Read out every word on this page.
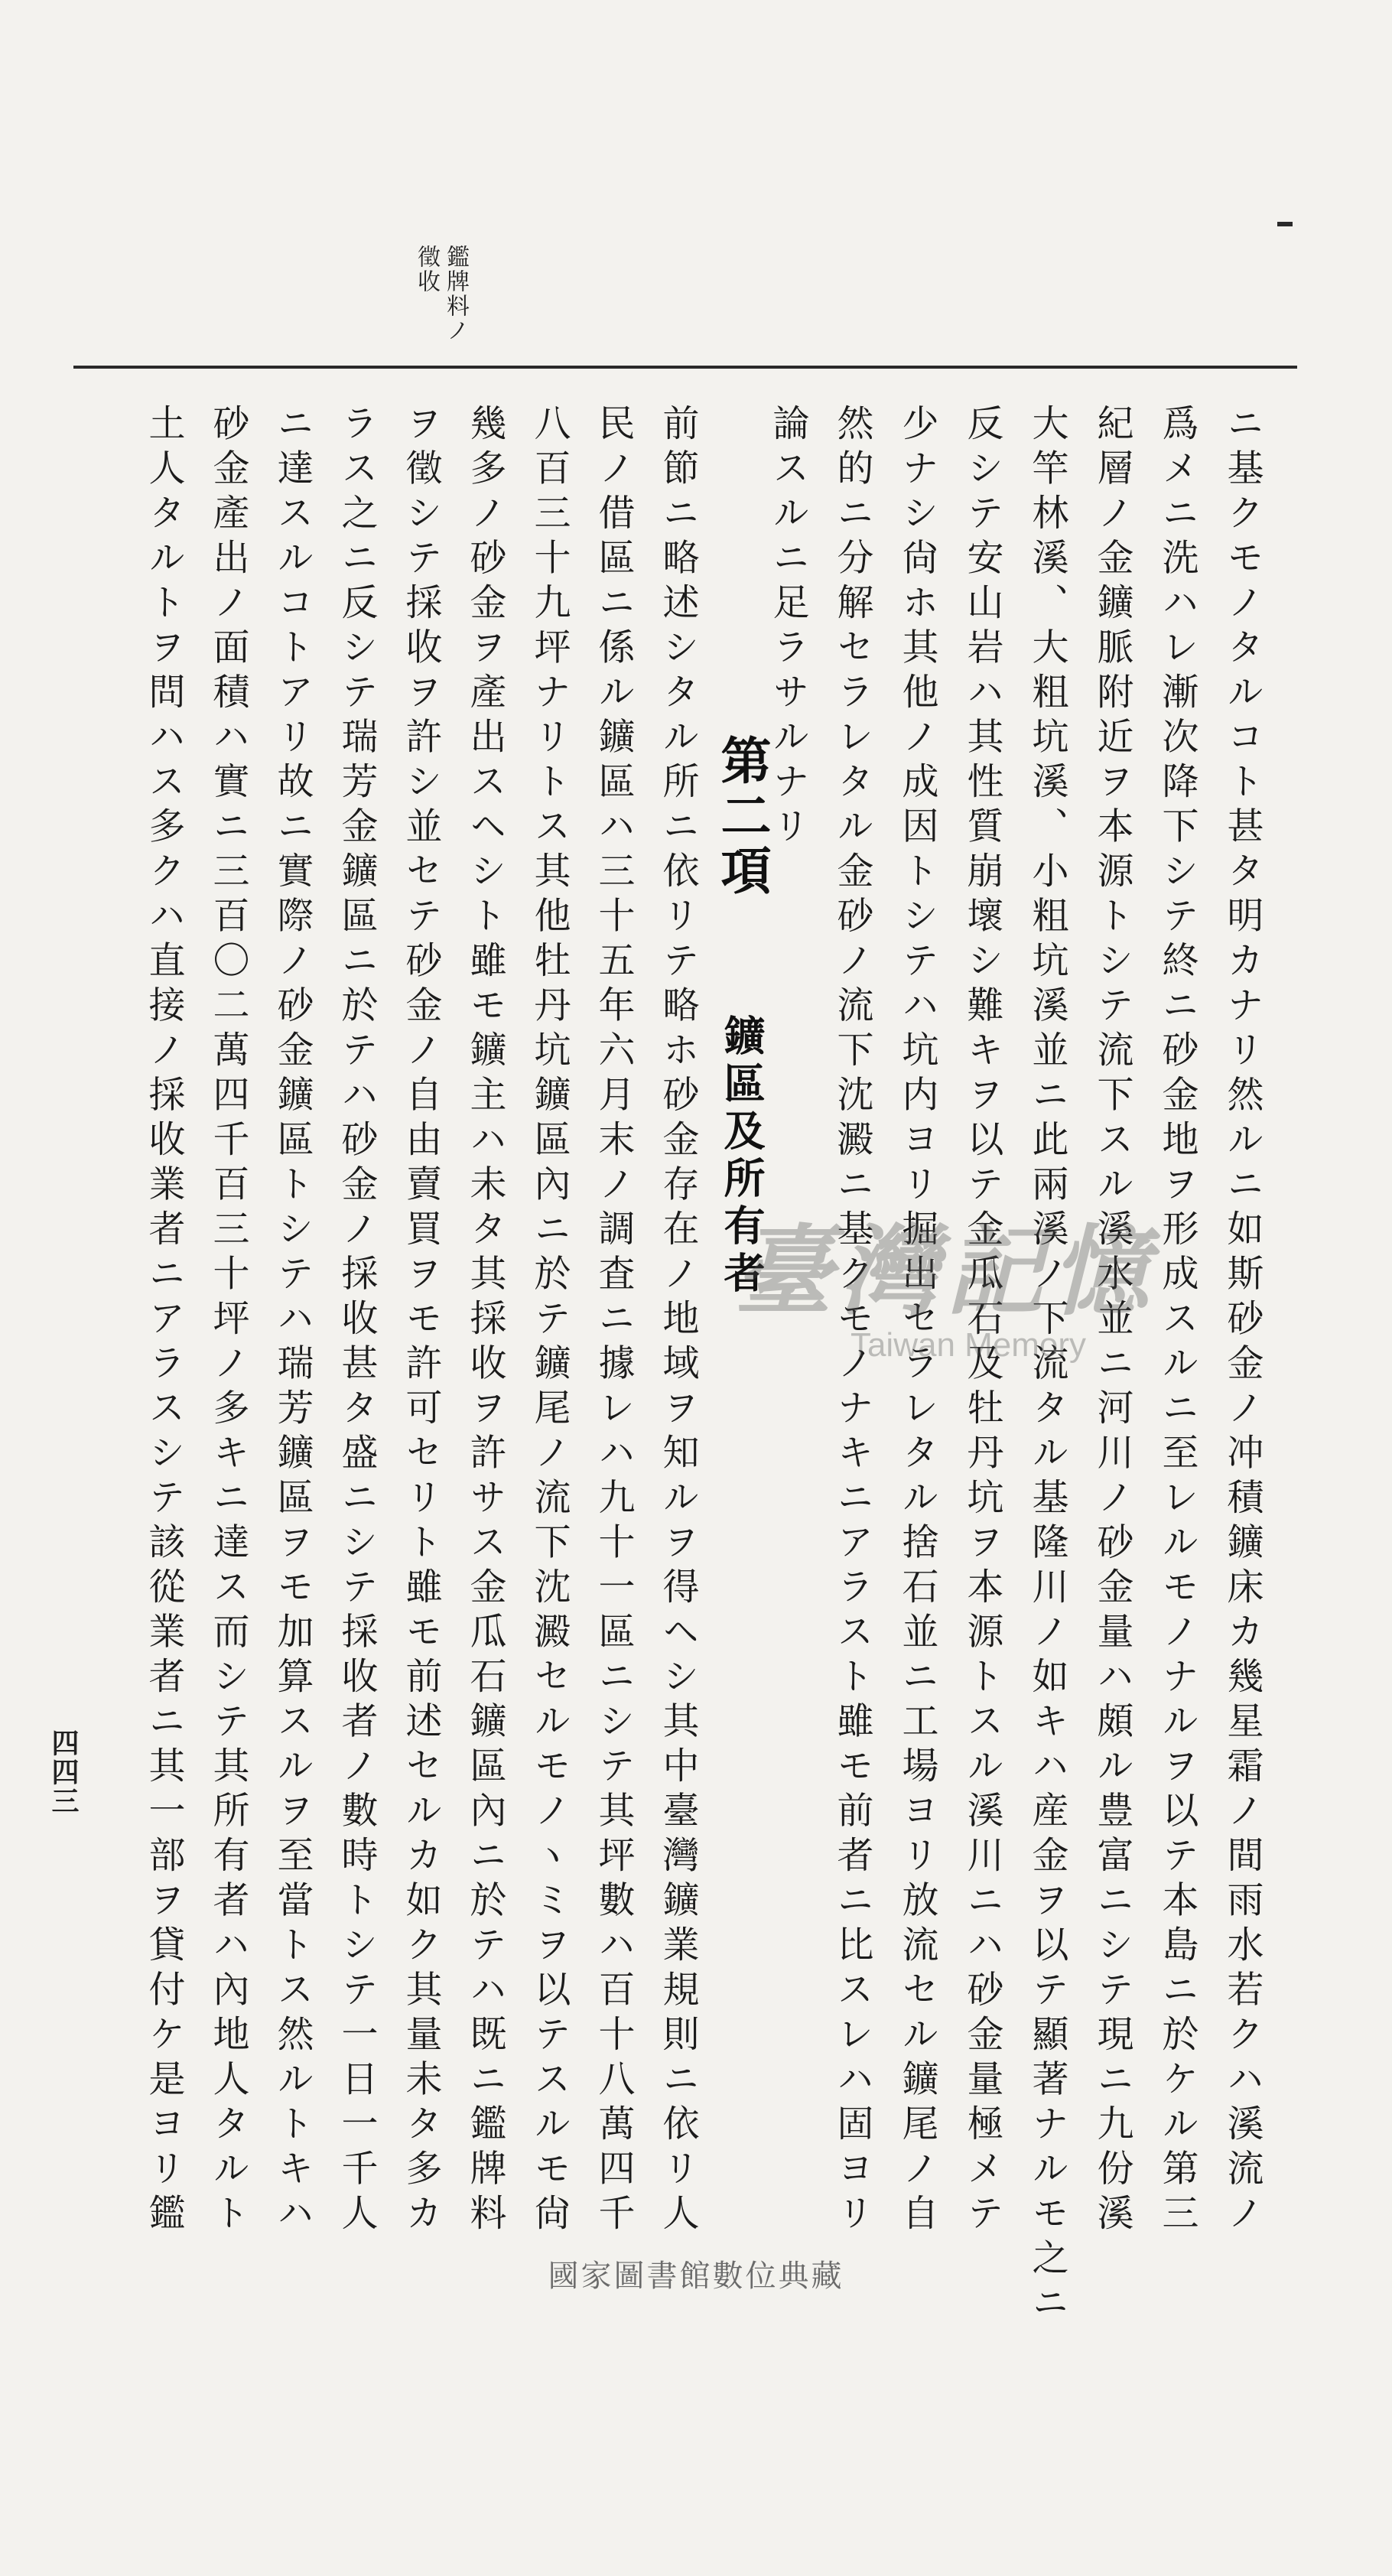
鑑牌料ノ
徵收
ニ基クモノタルコト甚タ明カナリ然ルニ如斯砂金ノ冲積鑛床カ幾星霜ノ間雨水若クハ溪流ノ
爲メニ洗ハレ漸次降下シテ終ニ砂金地ヲ形成スルニ至レルモノナルヲ以テ本島ニ於ケル第三
紀層ノ金鑛脈附近ヲ本源トシテ流下スル溪水並ニ河川ノ砂金量ハ頗ル豊富ニシテ現ニ九份溪
大竿林溪、大粗坑溪、小粗坑溪並ニ此兩溪ノ下流タル基隆川ノ如キハ産金ヲ以テ顯著ナルモ之ニ
反シテ安山岩ハ其性質崩壞シ難キヲ以テ金瓜石及牡丹坑ヲ本源トスル溪川ニハ砂金量極メテ
少ナシ尙ホ其他ノ成因トシテハ坑内ヨリ掘出セラレタル捨石並ニ工場ヨリ放流セル鑛尾ノ自
然的ニ分解セラレタル金砂ノ流下沈澱ニ基クモノナキニアラスト雖モ前者ニ比スレハ固ヨリ
論スルニ足ラサルナリ
第二項鑛區及所有者
前節ニ略述シタル所ニ依リテ略ホ砂金存在ノ地域ヲ知ルヲ得ヘシ其中臺灣鑛業規則ニ依リ人
民ノ借區ニ係ル鑛區ハ三十五年六月末ノ調査ニ據レハ九十一區ニシテ其坪數ハ百十八萬四千
八百三十九坪ナリトス其他牡丹坑鑛區內ニ於テ鑛尾ノ流下沈澱セルモノヽミヲ以テスルモ尙
幾多ノ砂金ヲ產出スヘシト雖モ鑛主ハ未タ其採收ヲ許サス金瓜石鑛區內ニ於テハ既ニ鑑牌料
ヲ徵シテ採收ヲ許シ並セテ砂金ノ自由賣買ヲモ許可セリト雖モ前述セルカ如ク其量未タ多カ
ラス之ニ反シテ瑞芳金鑛區ニ於テハ砂金ノ採收甚タ盛ニシテ採收者ノ數時トシテ一日一千人
ニ達スルコトアリ故ニ實際ノ砂金鑛區トシテハ瑞芳鑛區ヲモ加算スルヲ至當トス然ルトキハ
砂金產出ノ面積ハ實ニ三百〇二萬四千百三十坪ノ多キニ達ス而シテ其所有者ハ內地人タルト
土人タルトヲ問ハス多クハ直接ノ採收業者ニアラスシテ該從業者ニ其一部ヲ貸付ケ是ヨリ鑑
四四三
臺灣記憶
Taiwan Memory
國家圖書館數位典藏
